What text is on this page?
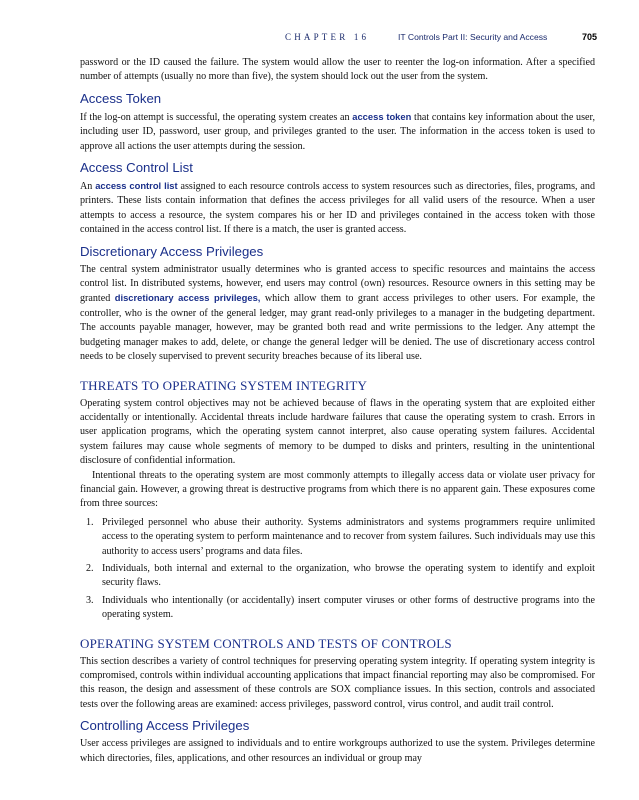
CHAPTER 16	IT Controls Part II: Security and Access	705

password or the ID caused the failure. The system would allow the user to reenter the log-on information. After a specified number of attempts (usually no more than five), the system should lock out the user from the system.

Access Token

If the log-on attempt is successful, the operating system creates an access token that contains key information about the user, including user ID, password, user group, and privileges granted to the user. The information in the access token is used to approve all actions the user attempts during the session.

Access Control List

An access control list assigned to each resource controls access to system resources such as directories, files, programs, and printers. These lists contain information that defines the access privileges for all valid users of the resource. When a user attempts to access a resource, the system compares his or her ID and privileges contained in the access token with those contained in the access control list. If there is a match, the user is granted access.

Discretionary Access Privileges

The central system administrator usually determines who is granted access to specific resources and maintains the access control list. In distributed systems, however, end users may control (own) resources. Resource owners in this setting may be granted discretionary access privileges, which allow them to grant access privileges to other users. For example, the controller, who is the owner of the general ledger, may grant read-only privileges to a manager in the budgeting department. The accounts payable manager, however, may be granted both read and write permissions to the ledger. Any attempt the budgeting manager makes to add, delete, or change the general ledger will be denied. The use of discretionary access control needs to be closely supervised to prevent security breaches because of its liberal use.

THREATS TO OPERATING SYSTEM INTEGRITY

Operating system control objectives may not be achieved because of flaws in the operating system that are exploited either accidentally or intentionally. Accidental threats include hardware failures that cause the operating system to crash. Errors in user application programs, which the operating system cannot interpret, also cause operating system failures. Accidental system failures may cause whole segments of memory to be dumped to disks and printers, resulting in the unintentional disclosure of confidential information.

Intentional threats to the operating system are most commonly attempts to illegally access data or violate user privacy for financial gain. However, a growing threat is destructive programs from which there is no apparent gain. These exposures come from three sources:

1. Privileged personnel who abuse their authority. Systems administrators and systems programmers require unlimited access to the operating system to perform maintenance and to recover from system failures. Such individuals may use this authority to access users’ programs and data files.
2. Individuals, both internal and external to the organization, who browse the operating system to identify and exploit security flaws.
3. Individuals who intentionally (or accidentally) insert computer viruses or other forms of destructive programs into the operating system.
OPERATING SYSTEM CONTROLS AND TESTS OF CONTROLS

This section describes a variety of control techniques for preserving operating system integrity. If operating system integrity is compromised, controls within individual accounting applications that impact financial reporting may also be compromised. For this reason, the design and assessment of these controls are SOX compliance issues. In this section, controls and associated tests over the following areas are examined: access privileges, password control, virus control, and audit trail control.

Controlling Access Privileges

User access privileges are assigned to individuals and to entire workgroups authorized to use the system. Privileges determine which directories, files, applications, and other resources an individual or group may
